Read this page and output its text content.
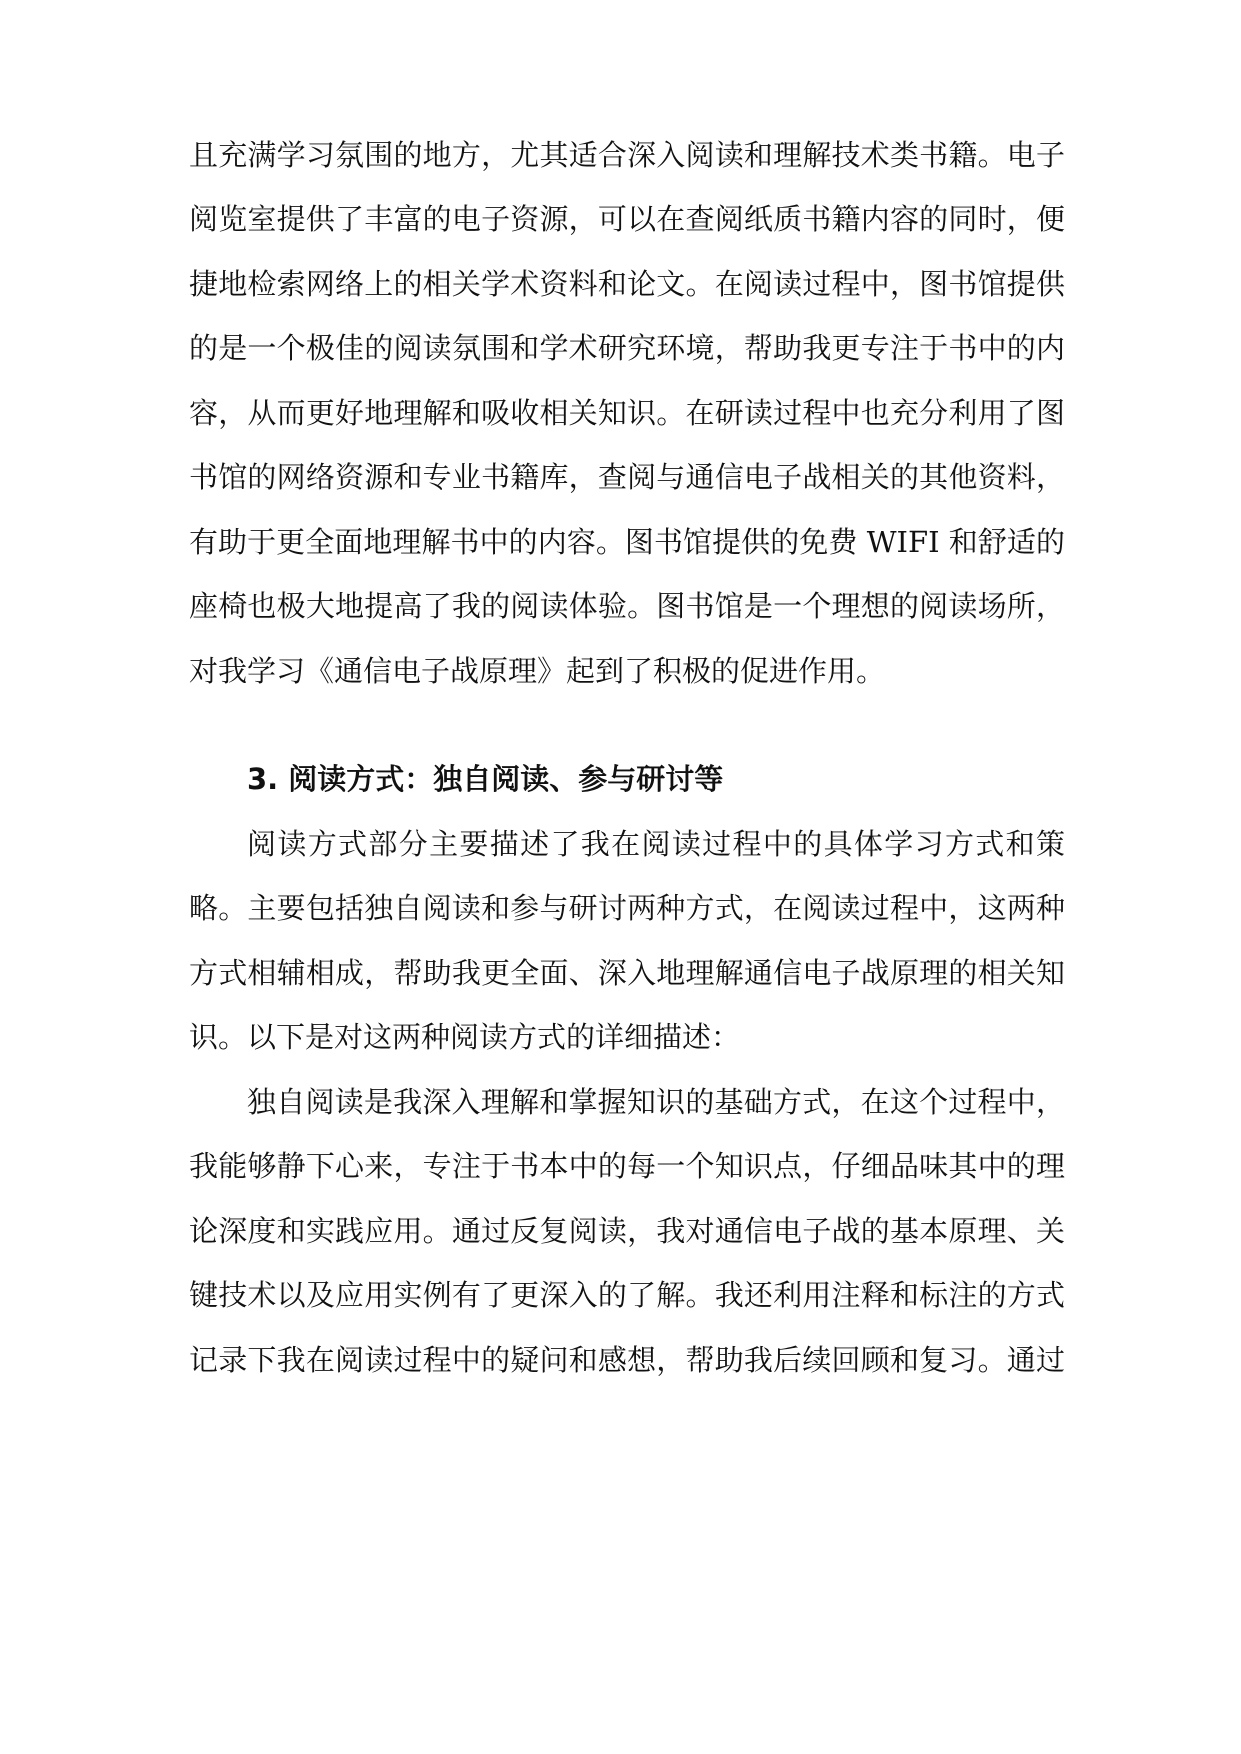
且充满学习氛围的地方，尤其适合深入阅读和理解技术类书籍。电子
阅览室提供了丰富的电子资源，可以在查阅纸质书籍内容的同时，便
捷地检索网络上的相关学术资料和论文。在阅读过程中，图书馆提供
的是一个极佳的阅读氛围和学术研究环境，帮助我更专注于书中的内
容，从而更好地理解和吸收相关知识。在研读过程中也充分利用了图
书馆的网络资源和专业书籍库，查阅与通信电子战相关的其他资料，
有助于更全面地理解书中的内容。图书馆提供的免费 WIFI 和舒适的
座椅也极大地提高了我的阅读体验。图书馆是一个理想的阅读场所，
对我学习《通信电子战原理》起到了积极的促进作用。
3. 阅读方式：独自阅读、参与研讨等
阅读方式部分主要描述了我在阅读过程中的具体学习方式和策
略。主要包括独自阅读和参与研讨两种方式，在阅读过程中，这两种
方式相辅相成，帮助我更全面、深入地理解通信电子战原理的相关知
识。以下是对这两种阅读方式的详细描述：
独自阅读是我深入理解和掌握知识的基础方式，在这个过程中，
我能够静下心来，专注于书本中的每一个知识点，仔细品味其中的理
论深度和实践应用。通过反复阅读，我对通信电子战的基本原理、关
键技术以及应用实例有了更深入的了解。我还利用注释和标注的方式
记录下我在阅读过程中的疑问和感想，帮助我后续回顾和复习。通过
